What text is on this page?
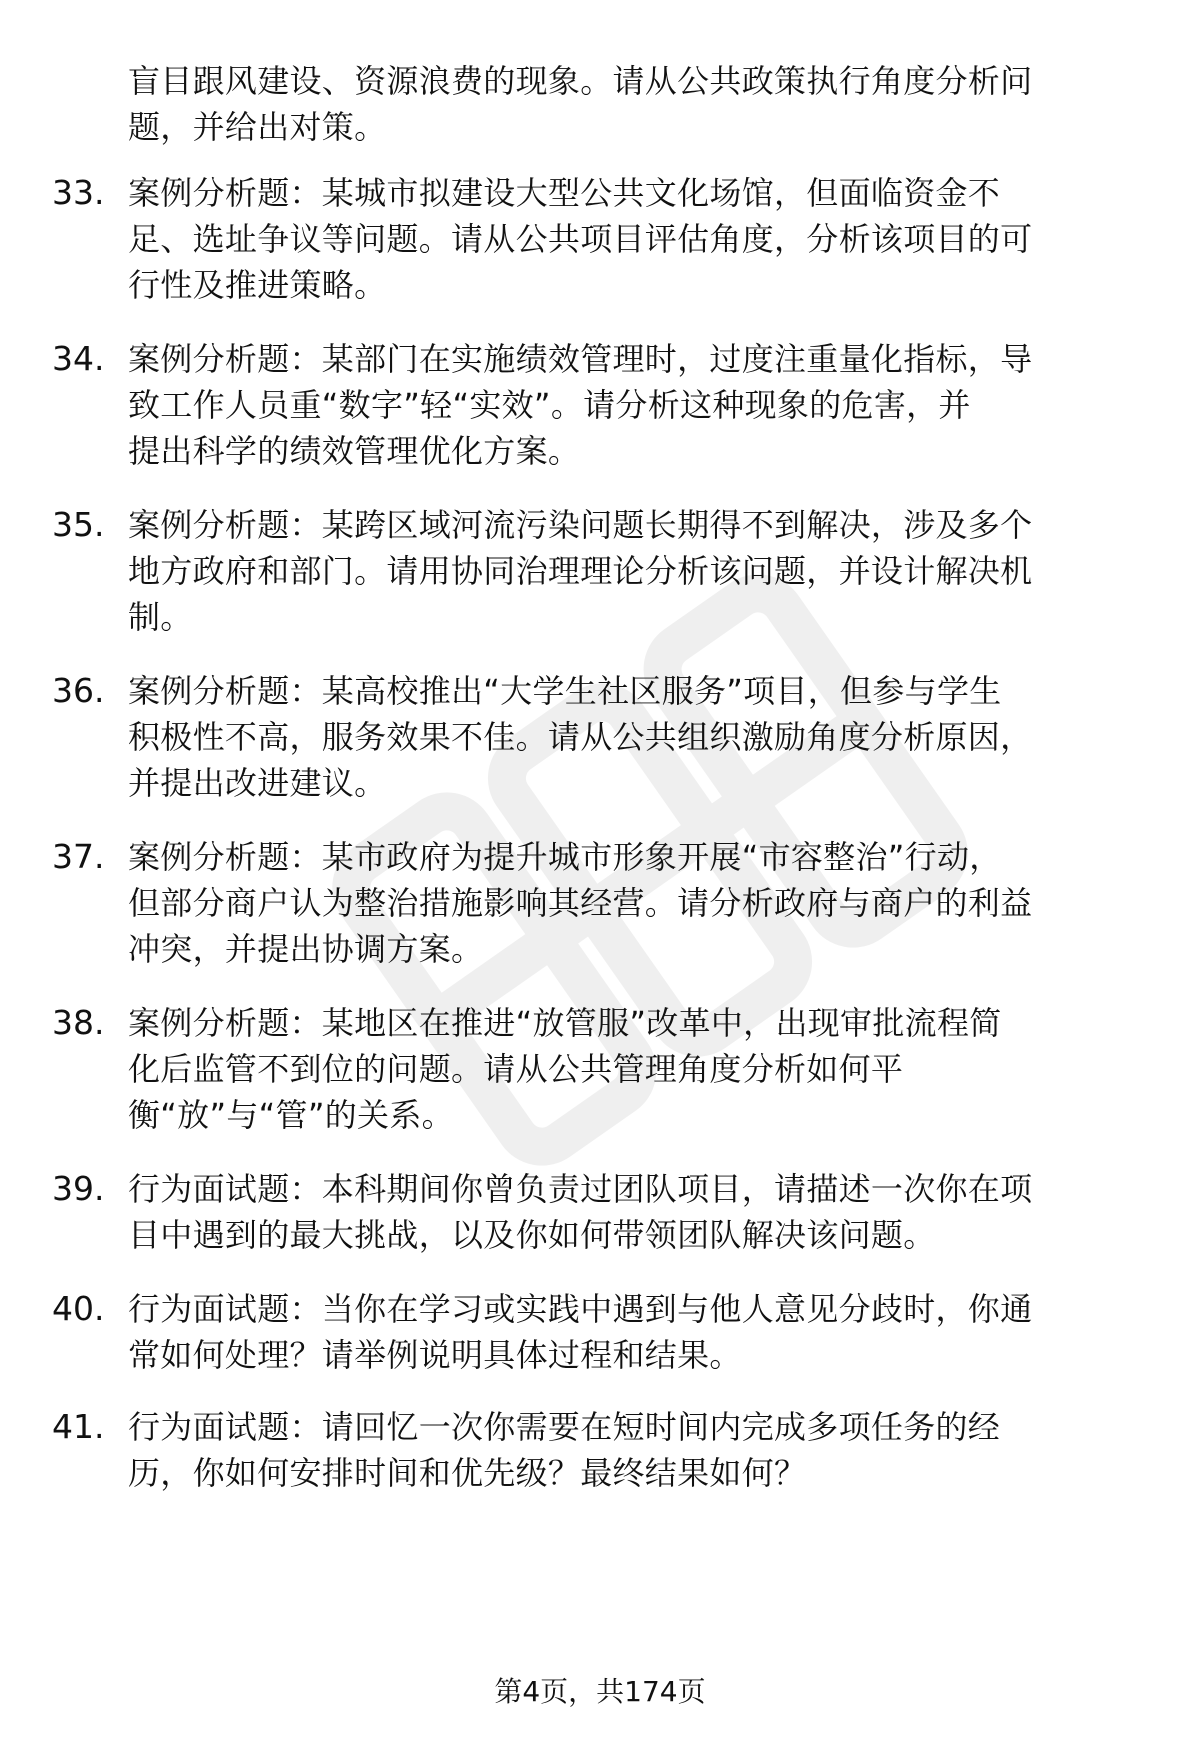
盲目跟风建设、资源浪费的现象。请从公共政策执行角度分析问
题，并给出对策。
33. 案例分析题：某城市拟建设大型公共文化场馆，但面临资金不
足、选址争议等问题。请从公共项目评估角度，分析该项目的可
行性及推进策略。
34. 案例分析题：某部门在实施绩效管理时，过度注重量化指标，导
致工作人员重“数字”轻“实效”。请分析这种现象的危害，并
提出科学的绩效管理优化方案。
35. 案例分析题：某跨区域河流污染问题长期得不到解决，涉及多个
地方政府和部门。请用协同治理理论分析该问题，并设计解决机
制。
36. 案例分析题：某高校推出“大学生社区服务”项目，但参与学生
积极性不高，服务效果不佳。请从公共组织激励角度分析原因，
并提出改进建议。
37. 案例分析题：某市政府为提升城市形象开展“市容整治”行动，
但部分商户认为整治措施影响其经营。请分析政府与商户的利益
冲突，并提出协调方案。
38. 案例分析题：某地区在推进“放管服”改革中，出现审批流程简
化后监管不到位的问题。请从公共管理角度分析如何平
衡“放”与“管”的关系。
39. 行为面试题：本科期间你曾负责过团队项目，请描述一次你在项
目中遇到的最大挑战，以及你如何带领团队解决该问题。
40. 行为面试题：当你在学习或实践中遇到与他人意见分歧时，你通
常如何处理？请举例说明具体过程和结果。
41. 行为面试题：请回忆一次你需要在短时间内完成多项任务的经
历，你如何安排时间和优先级？最终结果如何？
第4页，共174页
